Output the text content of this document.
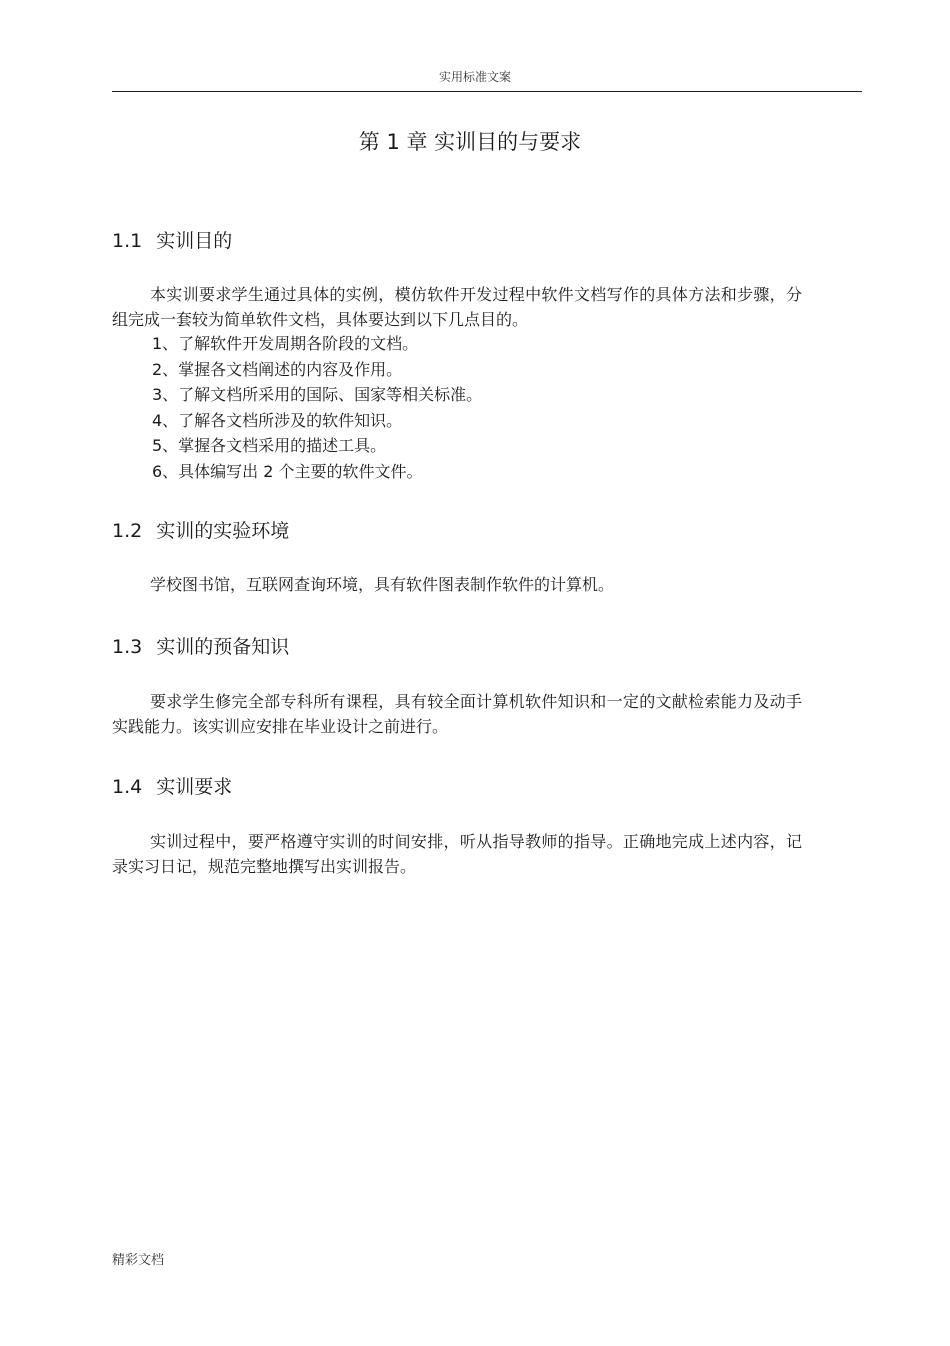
实用标准文案
第 1 章 实训目的与要求
1.1 实训目的

本实训要求学生通过具体的实例，模仿软件开发过程中软件文档写作的具体方法和步骤，分组完成一套较为简单软件文档，具体要达到以下几点目的。

1、了解软件开发周期各阶段的文档。
2、掌握各文档阐述的内容及作用。
3、了解文档所采用的国际、国家等相关标准。
4、了解各文档所涉及的软件知识。
5、掌握各文档采用的描述工具。
6、具体编写出 2 个主要的软件文件。
1.2 实训的实验环境

学校图书馆，互联网查询环境，具有软件图表制作软件的计算机。

1.3 实训的预备知识

要求学生修完全部专科所有课程，具有较全面计算机软件知识和一定的文献检索能力及动手实践能力。该实训应安排在毕业设计之前进行。

1.4 实训要求

实训过程中，要严格遵守实训的时间安排，听从指导教师的指导。正确地完成上述内容，记录实习日记，规范完整地撰写出实训报告。

精彩文档
